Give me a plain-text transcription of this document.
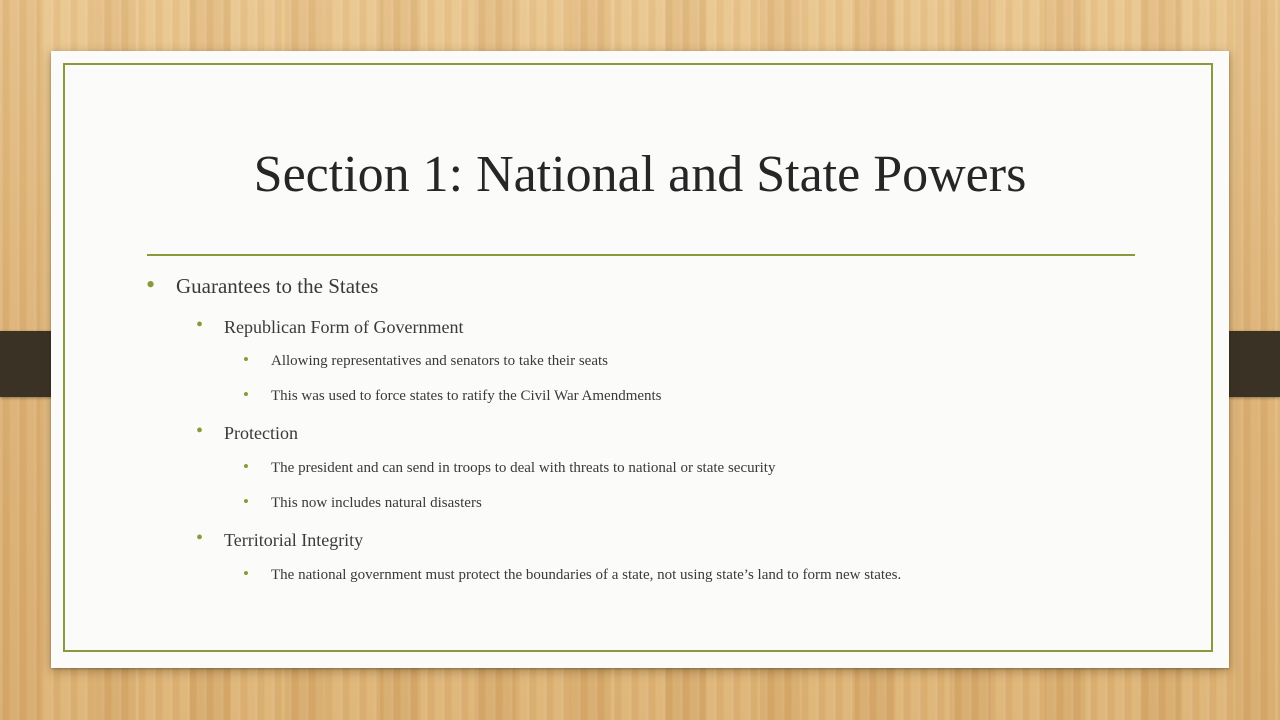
Section 1: National and State Powers
• Guarantees to the States
• Republican Form of Government
• Allowing representatives and senators to take their seats
• This was used to force states to ratify the Civil War Amendments
• Protection
• The president and can send in troops to deal with threats to national or state security
• This now includes natural disasters
• Territorial Integrity
• The national government must protect the boundaries of a state, not using state’s land to form new states.
